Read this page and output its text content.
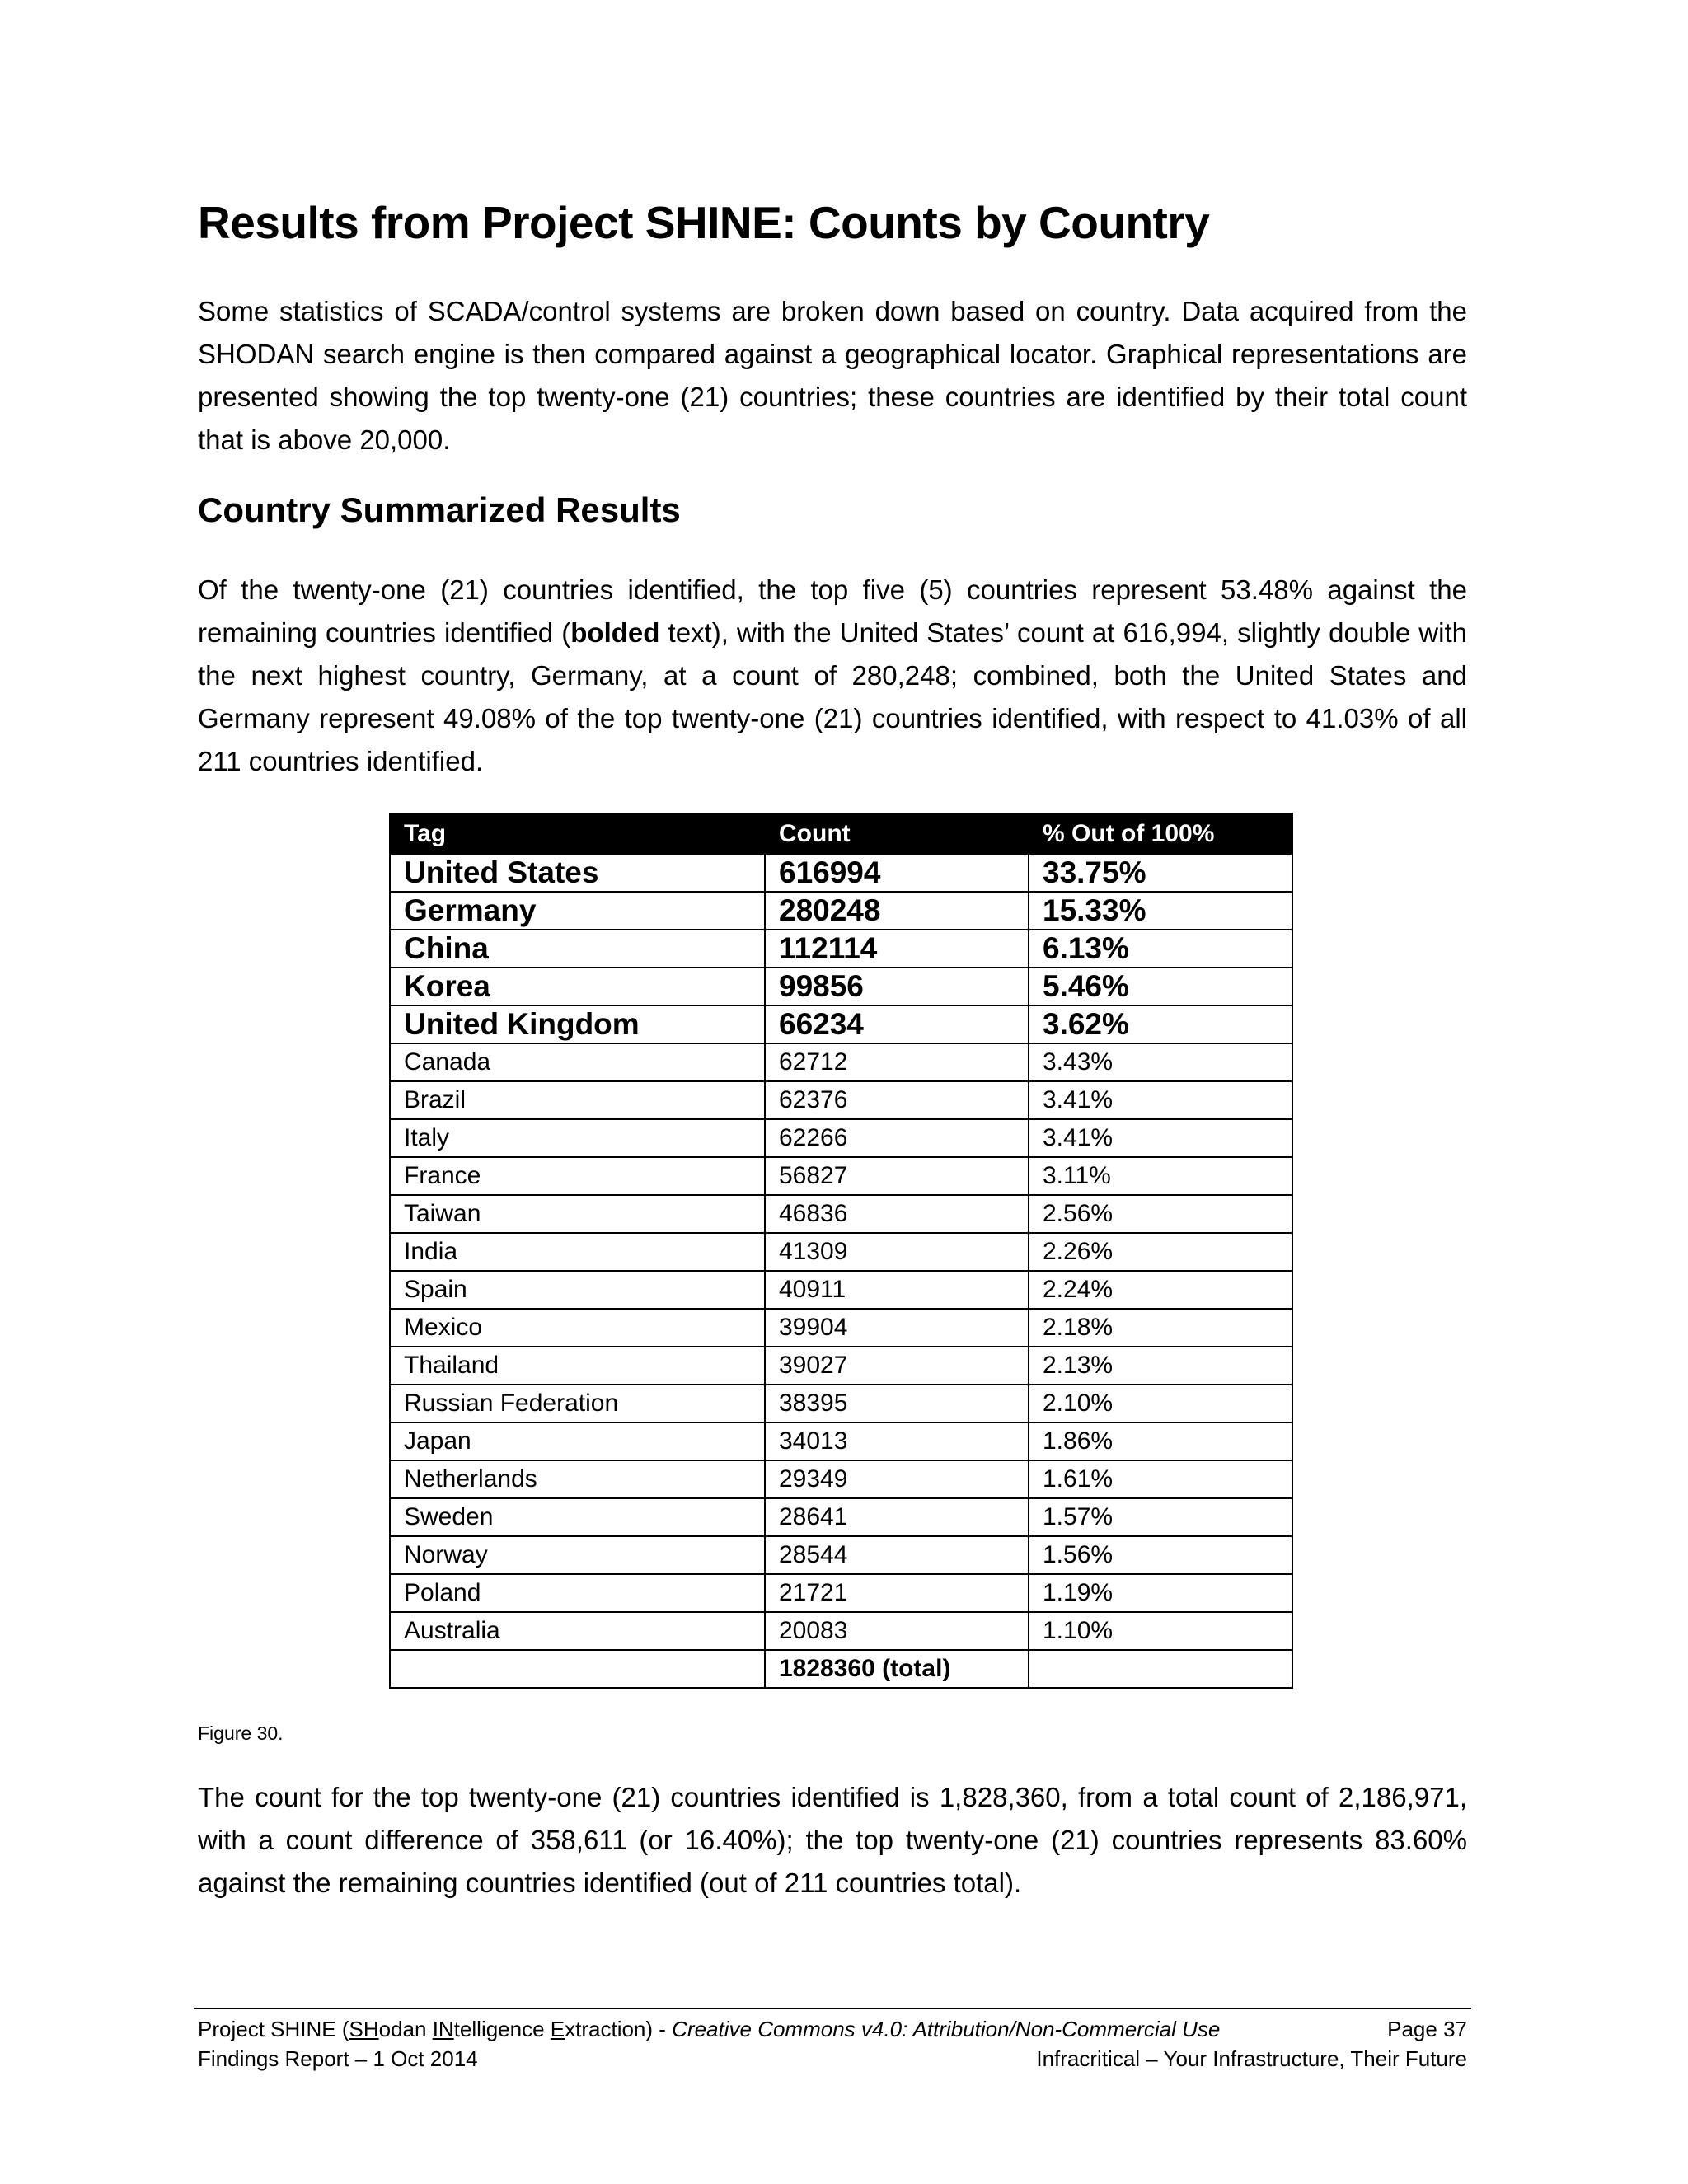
Results from Project SHINE: Counts by Country

Some statistics of SCADA/control systems are broken down based on country. Data acquired from the SHODAN search engine is then compared against a geographical locator. Graphical representations are presented showing the top twenty-one (21) countries; these countries are identified by their total count that is above 20,000.

Country Summarized Results

Of the twenty-one (21) countries identified, the top five (5) countries represent 53.48% against the remaining countries identified (bolded text), with the United States’ count at 616,994, slightly double with the next highest country, Germany, at a count of 280,248; combined, both the United States and Germany represent 49.08% of the top twenty-one (21) countries identified, with respect to 41.03% of all 211 countries identified.

Tag	Count	% Out of 100%
United States	616994	33.75%
Germany	280248	15.33%
China	112114	6.13%
Korea	99856	5.46%
United Kingdom	66234	3.62%
Canada	62712	3.43%
Brazil	62376	3.41%
Italy	62266	3.41%
France	56827	3.11%
Taiwan	46836	2.56%
India	41309	2.26%
Spain	40911	2.24%
Mexico	39904	2.18%
Thailand	39027	2.13%
Russian Federation	38395	2.10%
Japan	34013	1.86%
Netherlands	29349	1.61%
Sweden	28641	1.57%
Norway	28544	1.56%
Poland	21721	1.19%
Australia	20083	1.10%
	1828360 (total)	
Figure 30.

The count for the top twenty-one (21) countries identified is 1,828,360, from a total count of 2,186,971, with a count difference of 358,611 (or 16.40%); the top twenty-one (21) countries represents 83.60% against the remaining countries identified (out of 211 countries total).

Project SHINE (SHodan INtelligence Extraction) - Creative Commons v4.0: Attribution/Non-Commercial Use	Page 37
Findings Report – 1 Oct 2014	Infracritical – Your Infrastructure, Their Future
